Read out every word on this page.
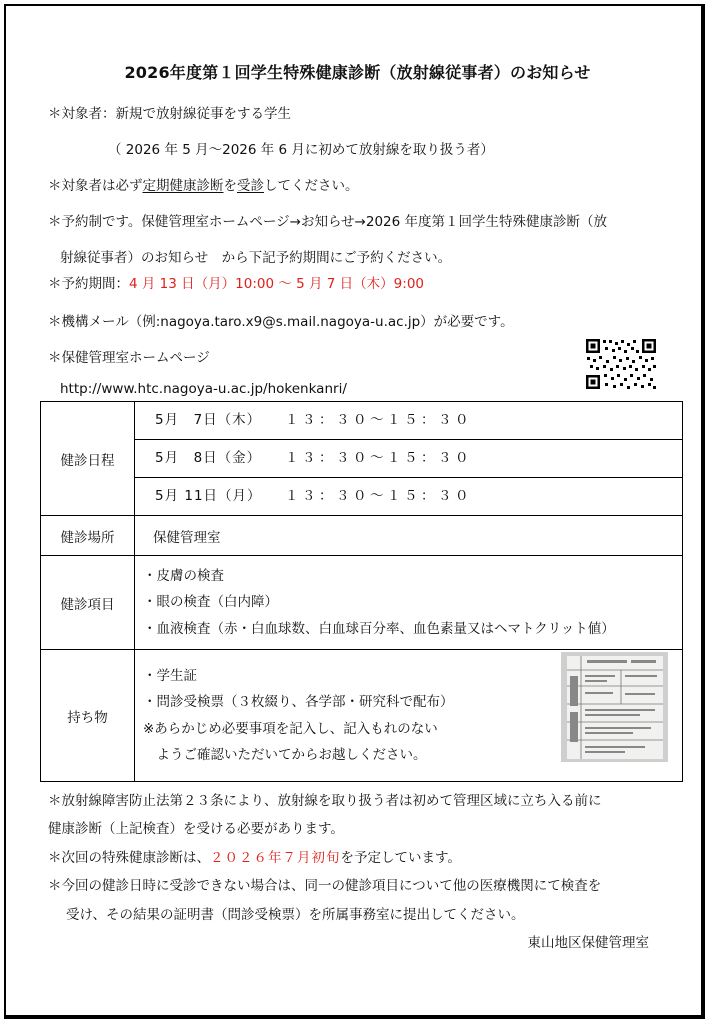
2026年度第１回学生特殊健康診断（放射線従事者）のお知らせ
＊対象者：新規で放射線従事をする学生
（ 2026 年 5 月～2026 年 6 月に初めて放射線を取り扱う者）
＊対象者は必ず定期健康診断を受診してください。
＊予約制です。保健管理室ホームページ→お知らせ→2026 年度第１回学生特殊健康診断（放
射線従事者）のお知らせ　から下記予約期間にご予約ください。
＊予約期間：4 月 13 日（月）10:00 ～ 5 月 7 日（木）9:00
＊機構メール（例:nagoya.taro.x9@s.mail.nagoya-u.ac.jp）が必要です。
＊保健管理室ホームページ
http://www.htc.nagoya-u.ac.jp/hokenkanri/
健診日程	5月　7日（木） １３：３０～１５：３０

	5月　8日（金） １３：３０～１５：３０

	5月 11日（月） １３：３０～１５：３０

健診場所	保健管理室
健診項目	・皮膚の検査
・眼の検査（白内障）
・血液検査（赤・白血球数、白血球百分率、血色素量又はヘマトクリット値）

持ち物	・学生証
・問診受検票（３枚綴り、各学部・研究科で配布）
※あらかじめ必要事項を記入し、記入もれのない
　ようご確認いただいてからお越しください。
＊放射線障害防止法第２３条により、放射線を取り扱う者は初めて管理区域に立ち入る前に
健康診断（上記検査）を受ける必要があります。
＊次回の特殊健康診断は、２０２６年７月初旬を予定しています。
＊今回の健診日時に受診できない場合は、同一の健診項目について他の医療機関にて検査を
受け、その結果の証明書（問診受検票）を所属事務室に提出してください。
東山地区保健管理室
